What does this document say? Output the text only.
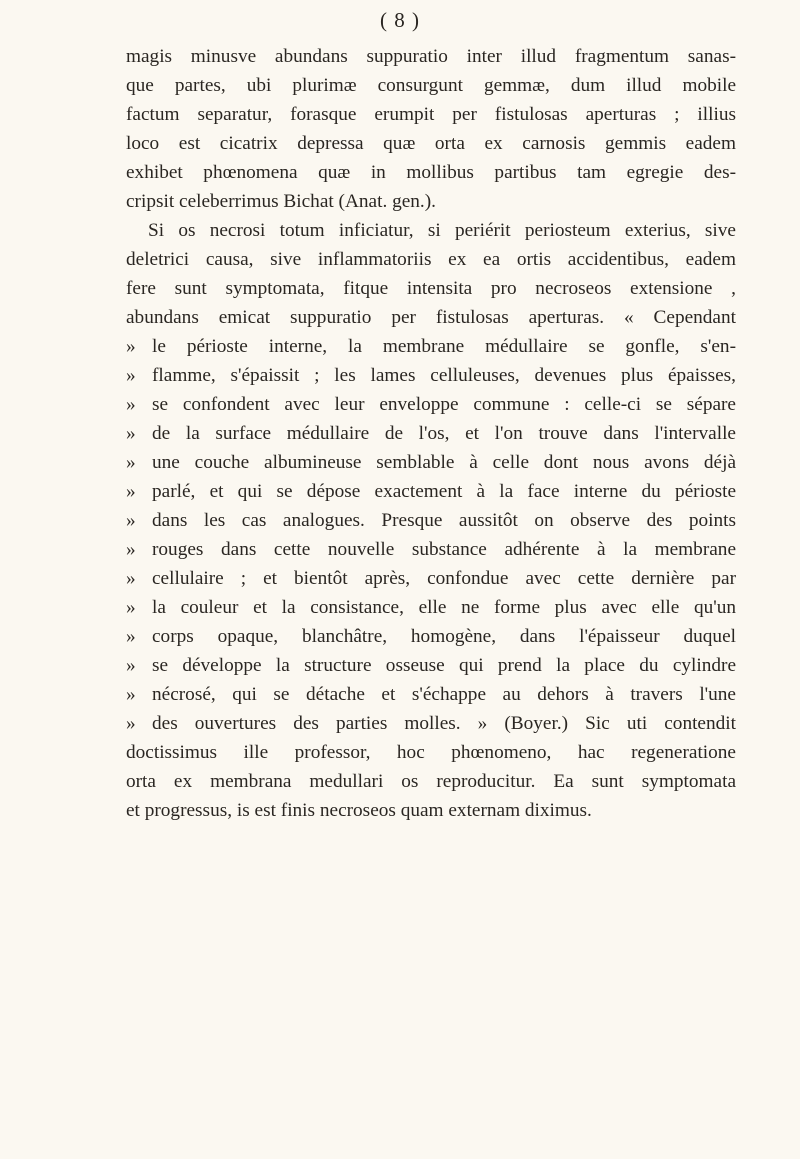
( 8 )
magis minusve abundans suppuratio inter illud fragmentum sanas-
que partes, ubi plurimæ consurgunt gemmæ, dum illud mobile
factum separatur, forasque erumpit per fistulosas aperturas ; illius
loco est cicatrix depressa quæ orta ex carnosis gemmis eadem
exhibet phœnomena quæ in mollibus partibus tam egregie des-
cripsit celeberrimus Bichat (Anat. gen.).
Si os necrosi totum inficiatur, si periérit periosteum exterius, sive
deletrici causa, sive inflammatoriis ex ea ortis accidentibus, eadem
fere sunt symptomata, fitque intensita pro necroseos extensione ,
abundans emicat suppuratio per fistulosas aperturas. « Cependant
» le périoste interne, la membrane médullaire se gonfle, s'en-
» flamme, s'épaissit ; les lames celluleuses, devenues plus épaisses,
» se confondent avec leur enveloppe commune : celle-ci se sépare
» de la surface médullaire de l'os, et l'on trouve dans l'intervalle
» une couche albumineuse semblable à celle dont nous avons déjà
» parlé, et qui se dépose exactement à la face interne du périoste
» dans les cas analogues. Presque aussitôt on observe des points
» rouges dans cette nouvelle substance adhérente à la membrane
» cellulaire ; et bientôt après, confondue avec cette dernière par
» la couleur et la consistance, elle ne forme plus avec elle qu'un
» corps opaque, blanchâtre, homogène, dans l'épaisseur duquel
» se développe la structure osseuse qui prend la place du cylindre
» nécrosé, qui se détache et s'échappe au dehors à travers l'une
» des ouvertures des parties molles. » (Boyer.) Sic uti contendit
doctissimus ille professor, hoc phœnomeno, hac regeneratione
orta ex membrana medullari os reproducitur. Ea sunt symptomata
et progressus, is est finis necroseos quam externam diximus.
